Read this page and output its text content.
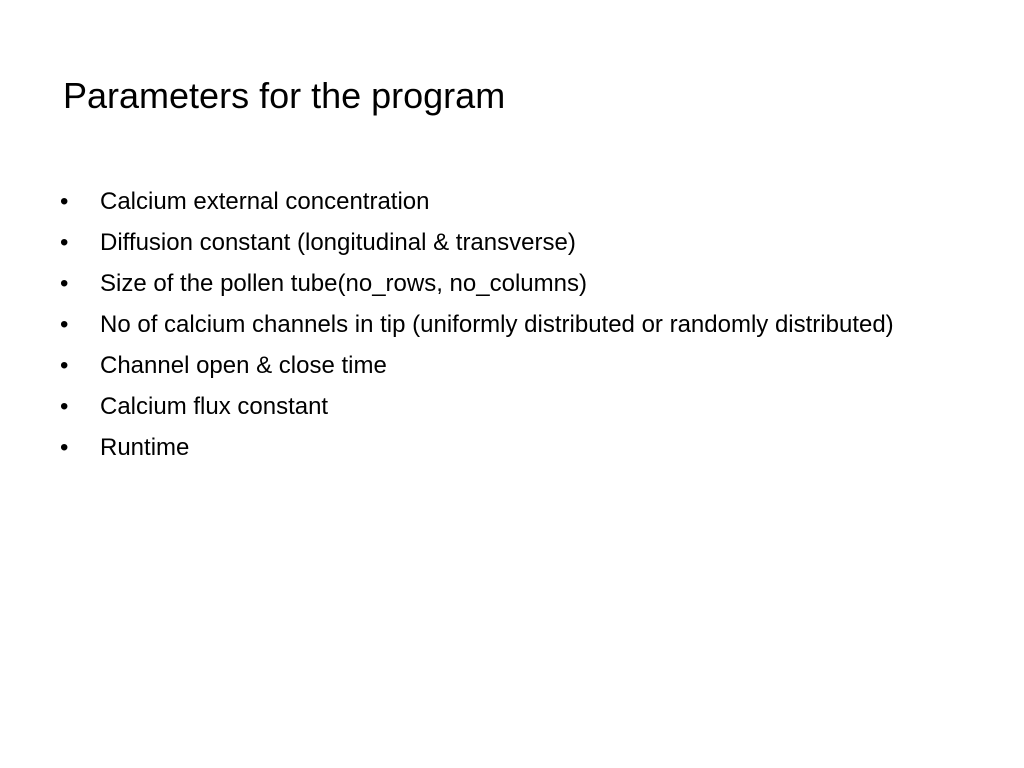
Parameters for the program
•	Calcium external concentration
•	Diffusion constant (longitudinal & transverse)
•	Size of the pollen tube(no_rows, no_columns)
•	No of calcium channels in tip (uniformly distributed or randomly distributed)
•	Channel open & close time
•	Calcium flux constant
•	Runtime
